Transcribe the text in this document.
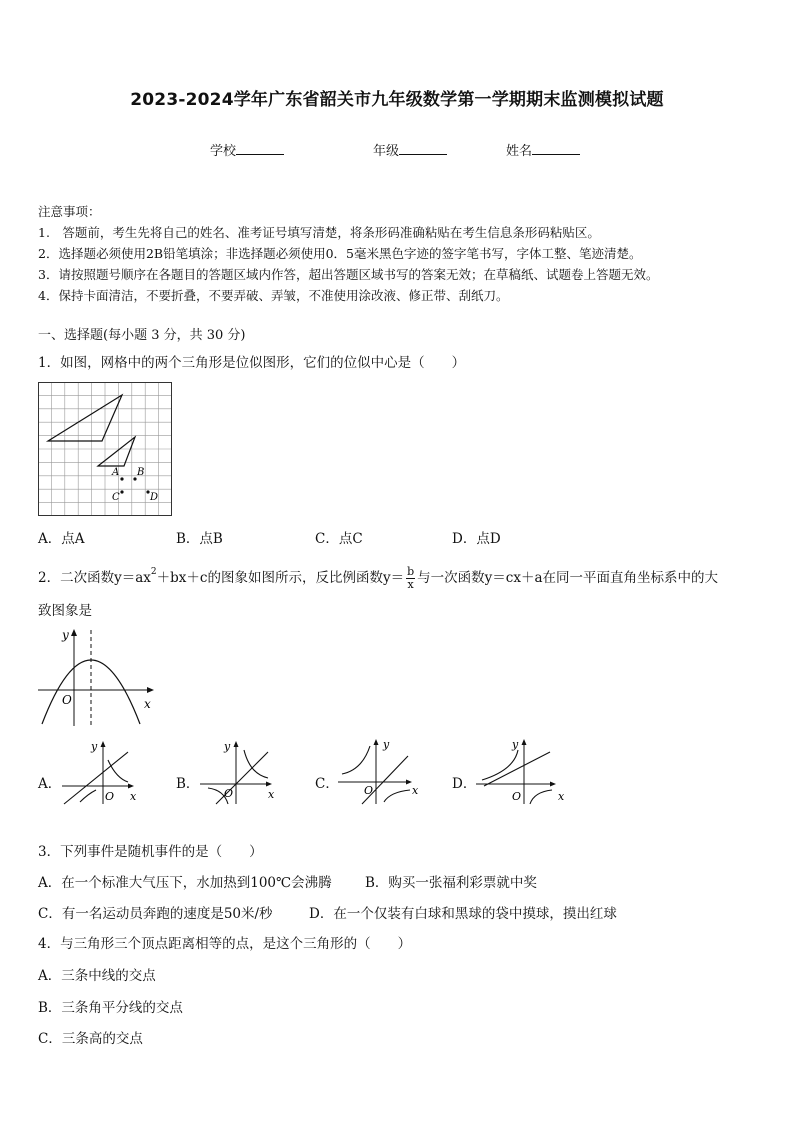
2023-2024学年广东省韶关市九年级数学第一学期期末监测模拟试题
学校	年级	姓名
注意事项：
1.　答题前，考生先将自己的姓名、准考证号填写清楚，将条形码准确粘贴在考生信息条形码粘贴区。
2．选择题必须使用2B铅笔填涂；非选择题必须使用0．5毫米黑色字迹的签字笔书写，字体工整、笔迹清楚。
3．请按照题号顺序在各题目的答题区域内作答，超出答题区域书写的答案无效；在草稿纸、试题卷上答题无效。
4．保持卡面清洁，不要折叠，不要弄破、弄皱，不准使用涂改液、修正带、刮纸刀。
一、选择题(每小题 3 分，共 30 分)
1．如图，网格中的两个三角形是位似图形，它们的位似中心是（　　）
A B
C	D
A．点A	B．点B	C．点C	D．点D
2．二次函数$y=ax^2+bx+c$的图象如图所示，反比例函数$y= \frac{b}{x}$ 与一次函数y＝cx＋a在同一平面直角坐标系中的大
致图象是
y
x
O
A．
y
x
O
B．
y
x
O
C．
y
x
O	D．
y
x
O
3．下列事件是随机事件的是（　　）
A．在一个标准大气压下，水加热到100℃会沸腾 B．购买一张福利彩票就中奖
C．有一名运动员奔跑的速度是50米/秒	D．在一个仅装有白球和黑球的袋中摸球，摸出红球
4．与三角形三个顶点距离相等的点，是这个三角形的（　　）
A．三条中线的交点
B．三条角平分线的交点
C．三条高的交点
